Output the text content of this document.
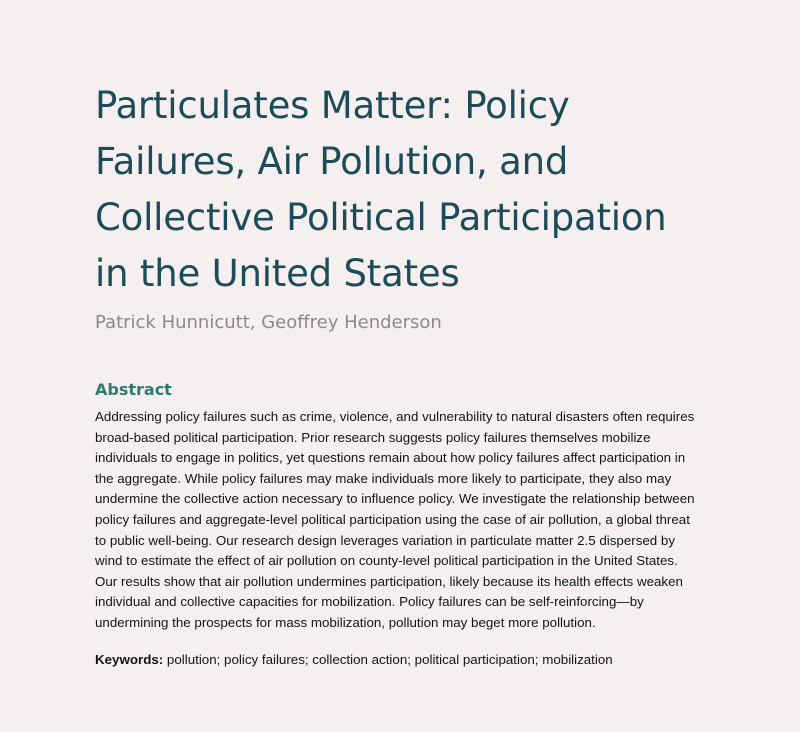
Particulates Matter: Policy
Failures, Air Pollution, and
Collective Political Participation
in the United States

Patrick Hunnicutt, Geoffrey Henderson

Abstract

Addressing policy failures such as crime, violence, and vulnerability to natural disasters often requires
broad-based political participation. Prior research suggests policy failures themselves mobilize
individuals to engage in politics, yet questions remain about how policy failures affect participation in
the aggregate. While policy failures may make individuals more likely to participate, they also may
undermine the collective action necessary to influence policy. We investigate the relationship between
policy failures and aggregate-level political participation using the case of air pollution, a global threat
to public well-being. Our research design leverages variation in particulate matter 2.5 dispersed by
wind to estimate the effect of air pollution on county-level political participation in the United States.
Our results show that air pollution undermines participation, likely because its health effects weaken
individual and collective capacities for mobilization. Policy failures can be self-reinforcing—by
undermining the prospects for mass mobilization, pollution may beget more pollution.

Keywords: pollution; policy failures; collection action; political participation; mobilization
